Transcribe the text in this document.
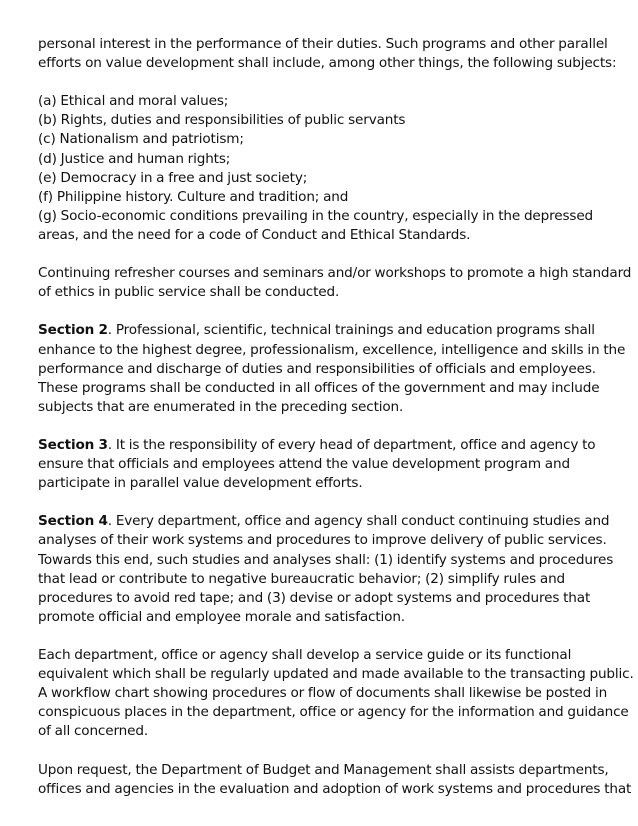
personal interest in the performance of their duties. Such programs and other parallel
efforts on value development shall include, among other things, the following subjects:

(a) Ethical and moral values;
(b) Rights, duties and responsibilities of public servants
(c) Nationalism and patriotism;
(d) Justice and human rights;
(e) Democracy in a free and just society;
(f) Philippine history. Culture and tradition; and
(g) Socio-economic conditions prevailing in the country, especially in the depressed
areas, and the need for a code of Conduct and Ethical Standards.

Continuing refresher courses and seminars and/or workshops to promote a high standard
of ethics in public service shall be conducted.

Section 2. Professional, scientific, technical trainings and education programs shall
enhance to the highest degree, professionalism, excellence, intelligence and skills in the
performance and discharge of duties and responsibilities of officials and employees.
These programs shall be conducted in all offices of the government and may include
subjects that are enumerated in the preceding section.

Section 3. It is the responsibility of every head of department, office and agency to
ensure that officials and employees attend the value development program and
participate in parallel value development efforts.

Section 4. Every department, office and agency shall conduct continuing studies and
analyses of their work systems and procedures to improve delivery of public services.
Towards this end, such studies and analyses shall: (1) identify systems and procedures
that lead or contribute to negative bureaucratic behavior; (2) simplify rules and
procedures to avoid red tape; and (3) devise or adopt systems and procedures that
promote official and employee morale and satisfaction.

Each department, office or agency shall develop a service guide or its functional
equivalent which shall be regularly updated and made available to the transacting public.
A workflow chart showing procedures or flow of documents shall likewise be posted in
conspicuous places in the department, office or agency for the information and guidance
of all concerned.

Upon request, the Department of Budget and Management shall assists departments,
offices and agencies in the evaluation and adoption of work systems and procedures that
